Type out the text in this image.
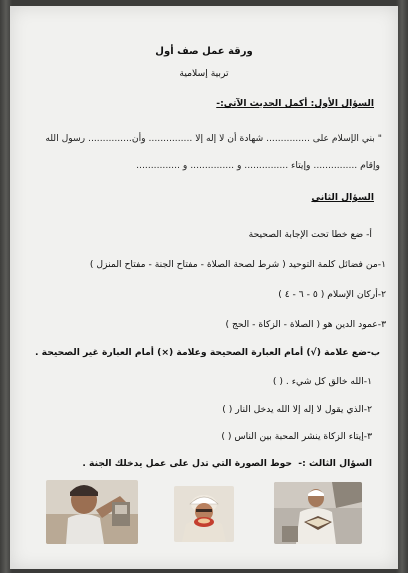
ورقة عمل صف أول
تربية إسلامية
السؤال الأول: أكمل الحديث الآتي:-
" بني الإسلام على ............... شهادة أن لا إله إلا ............... وأن............... رسول الله
وإقام ............... وإيتاء ............... و ............... و ...............
السؤال الثاني
أ- ضع خطا تحت الإجابة الصحيحة
١-من فضائل كلمة التوحيد ( شرط لصحة الصلاة - مفتاح الجنة - مفتاح المنزل )
٢-أركان الإسلام ( ٥ - ٦ - ٤ )
٣-عمود الدين هو ( الصلاة - الزكاة - الحج )
ب-ضع علامة (√) أمام العبارة الصحيحة وعلامة (×) أمام العبارة غير الصحيحة .
١-الله خالق كل شيء . ( )
٢-الذي يقول لا إله إلا الله يدخل النار ( )
٣-إيتاء الزكاة ينشر المحبة بين الناس ( )
السؤال الثالث :-
حوط الصورة التي تدل على عمل يدخلك الجنة .
